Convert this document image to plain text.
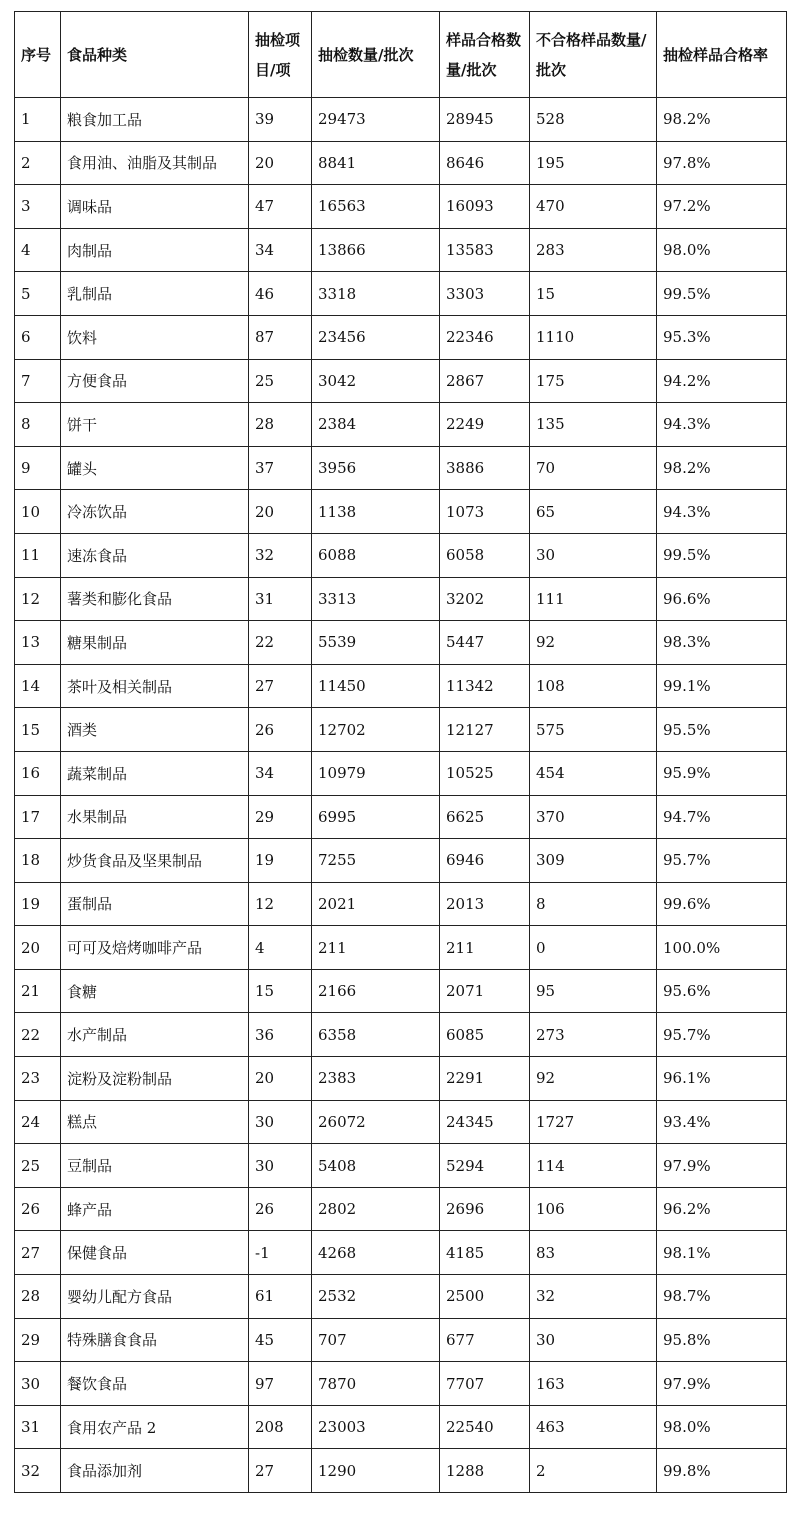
序号	食品种类	抽检项目/项	抽检数量/批次	样品合格数量/批次	不合格样品数量/批次	抽检样品合格率
1	粮食加工品	39	29473	28945	528	98.2%
2	食用油、油脂及其制品	20	8841	8646	195	97.8%
3	调味品	47	16563	16093	470	97.2%
4	肉制品	34	13866	13583	283	98.0%
5	乳制品	46	3318	3303	15	99.5%
6	饮料	87	23456	22346	1110	95.3%
7	方便食品	25	3042	2867	175	94.2%
8	饼干	28	2384	2249	135	94.3%
9	罐头	37	3956	3886	70	98.2%
10	冷冻饮品	20	1138	1073	65	94.3%
11	速冻食品	32	6088	6058	30	99.5%
12	薯类和膨化食品	31	3313	3202	111	96.6%
13	糖果制品	22	5539	5447	92	98.3%
14	茶叶及相关制品	27	11450	11342	108	99.1%
15	酒类	26	12702	12127	575	95.5%
16	蔬菜制品	34	10979	10525	454	95.9%
17	水果制品	29	6995	6625	370	94.7%
18	炒货食品及坚果制品	19	7255	6946	309	95.7%
19	蛋制品	12	2021	2013	8	99.6%
20	可可及焙烤咖啡产品	4	211	211	0	100.0%
21	食糖	15	2166	2071	95	95.6%
22	水产制品	36	6358	6085	273	95.7%
23	淀粉及淀粉制品	20	2383	2291	92	96.1%
24	糕点	30	26072	24345	1727	93.4%
25	豆制品	30	5408	5294	114	97.9%
26	蜂产品	26	2802	2696	106	96.2%
27	保健食品	-1	4268	4185	83	98.1%
28	婴幼儿配方食品	61	2532	2500	32	98.7%
29	特殊膳食食品	45	707	677	30	95.8%
30	餐饮食品	97	7870	7707	163	97.9%
31	食用农产品 2	208	23003	22540	463	98.0%
32	食品添加剂	27	1290	1288	2	99.8%
